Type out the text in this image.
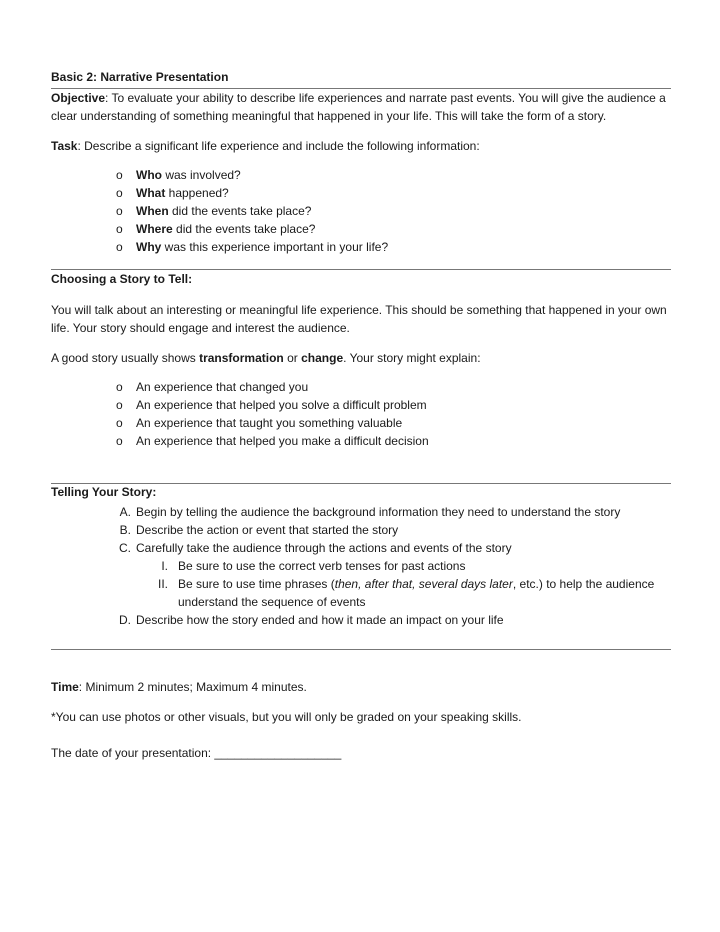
Basic 2: Narrative Presentation
Objective: To evaluate your ability to describe life experiences and narrate past events. You will give the audience a clear understanding of something meaningful that happened in your life. This will take the form of a story.
Task: Describe a significant life experience and include the following information:
o Who was involved?
o What happened?
o When did the events take place?
o Where did the events take place?
o Why was this experience important in your life?
Choosing a Story to Tell:
You will talk about an interesting or meaningful life experience. This should be something that happened in your own life. Your story should engage and interest the audience.
A good story usually shows transformation or change. Your story might explain:
o An experience that changed you
o An experience that helped you solve a difficult problem
o An experience that taught you something valuable
o An experience that helped you make a difficult decision
Telling Your Story:
A. Begin by telling the audience the background information they need to understand the story
B. Describe the action or event that started the story
C. Carefully take the audience through the actions and events of the story
I. Be sure to use the correct verb tenses for past actions
II. Be sure to use time phrases (then, after that, several days later, etc.) to help the audience understand the sequence of events
D. Describe how the story ended and how it made an impact on your life
Time: Minimum 2 minutes; Maximum 4 minutes.
*You can use photos or other visuals, but you will only be graded on your speaking skills.
The date of your presentation: ___________________
